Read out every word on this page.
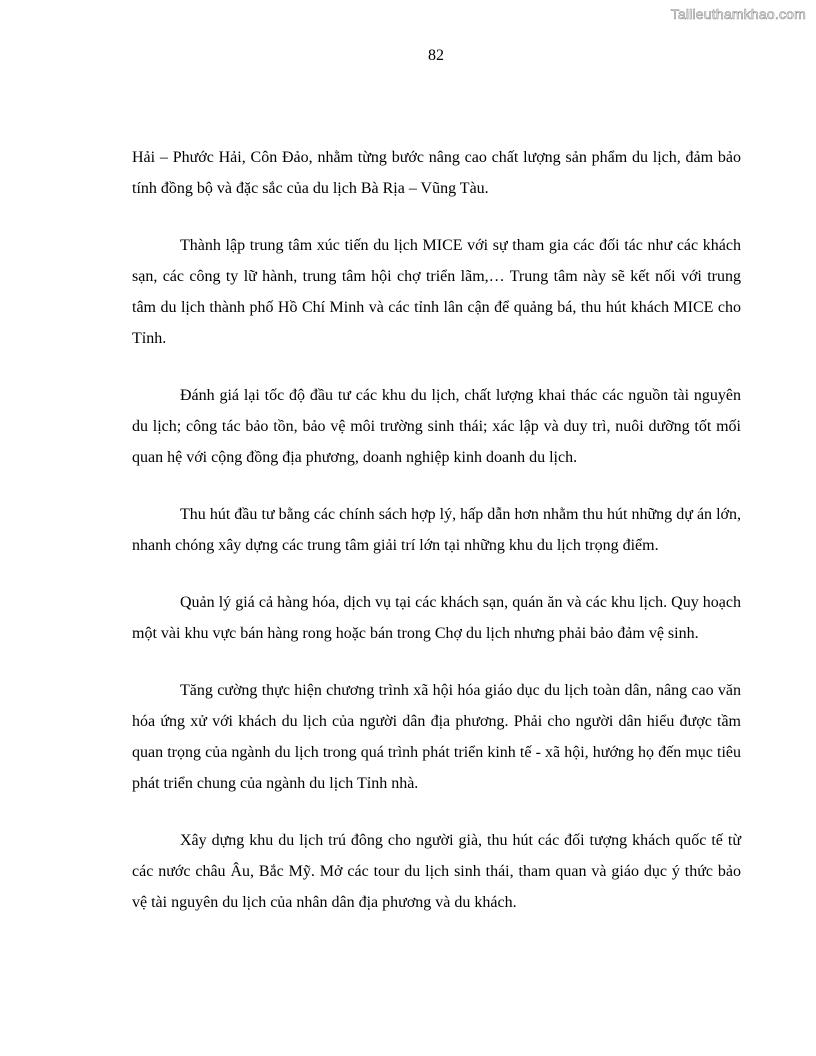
Tailieuthamkhao.com
82

Hải – Phước Hải, Côn Đảo, nhằm từng bước nâng cao chất lượng sản phẩm du lịch, đảm bảo tính đồng bộ và đặc sắc của du lịch Bà Rịa – Vũng Tàu.

Thành lập trung tâm xúc tiến du lịch MICE với sự tham gia các đối tác như các khách sạn, các công ty lữ hành, trung tâm hội chợ triển lãm,… Trung tâm này sẽ kết nối với trung tâm du lịch thành phố Hồ Chí Minh và các tỉnh lân cận để quảng bá, thu hút khách MICE cho Tỉnh.

Đánh giá lại tốc độ đầu tư các khu du lịch, chất lượng khai thác các nguồn tài nguyên du lịch; công tác bảo tồn, bảo vệ môi trường sinh thái; xác lập và duy trì, nuôi dưỡng tốt mối quan hệ với cộng đồng địa phương, doanh nghiệp kinh doanh du lịch.

Thu hút đầu tư bằng các chính sách hợp lý, hấp dẫn hơn nhằm thu hút những dự án lớn, nhanh chóng xây dựng các trung tâm giải trí lớn tại những khu du lịch trọng điểm.

Quản lý giá cả hàng hóa, dịch vụ tại các khách sạn, quán ăn và các khu lịch. Quy hoạch một vài khu vực bán hàng rong hoặc bán trong Chợ du lịch nhưng phải bảo đảm vệ sinh.

Tăng cường thực hiện chương trình xã hội hóa giáo dục du lịch toàn dân, nâng cao văn hóa ứng xử với khách du lịch của người dân địa phương. Phải cho người dân hiểu được tầm quan trọng của ngành du lịch trong quá trình phát triển kinh tế - xã hội, hướng họ đến mục tiêu phát triển chung của ngành du lịch Tỉnh nhà.

Xây dựng khu du lịch trú đông cho người già, thu hút các đối tượng khách quốc tế từ các nước châu Âu, Bắc Mỹ. Mở các tour du lịch sinh thái, tham quan và giáo dục ý thức bảo vệ tài nguyên du lịch của nhân dân địa phương và du khách.
